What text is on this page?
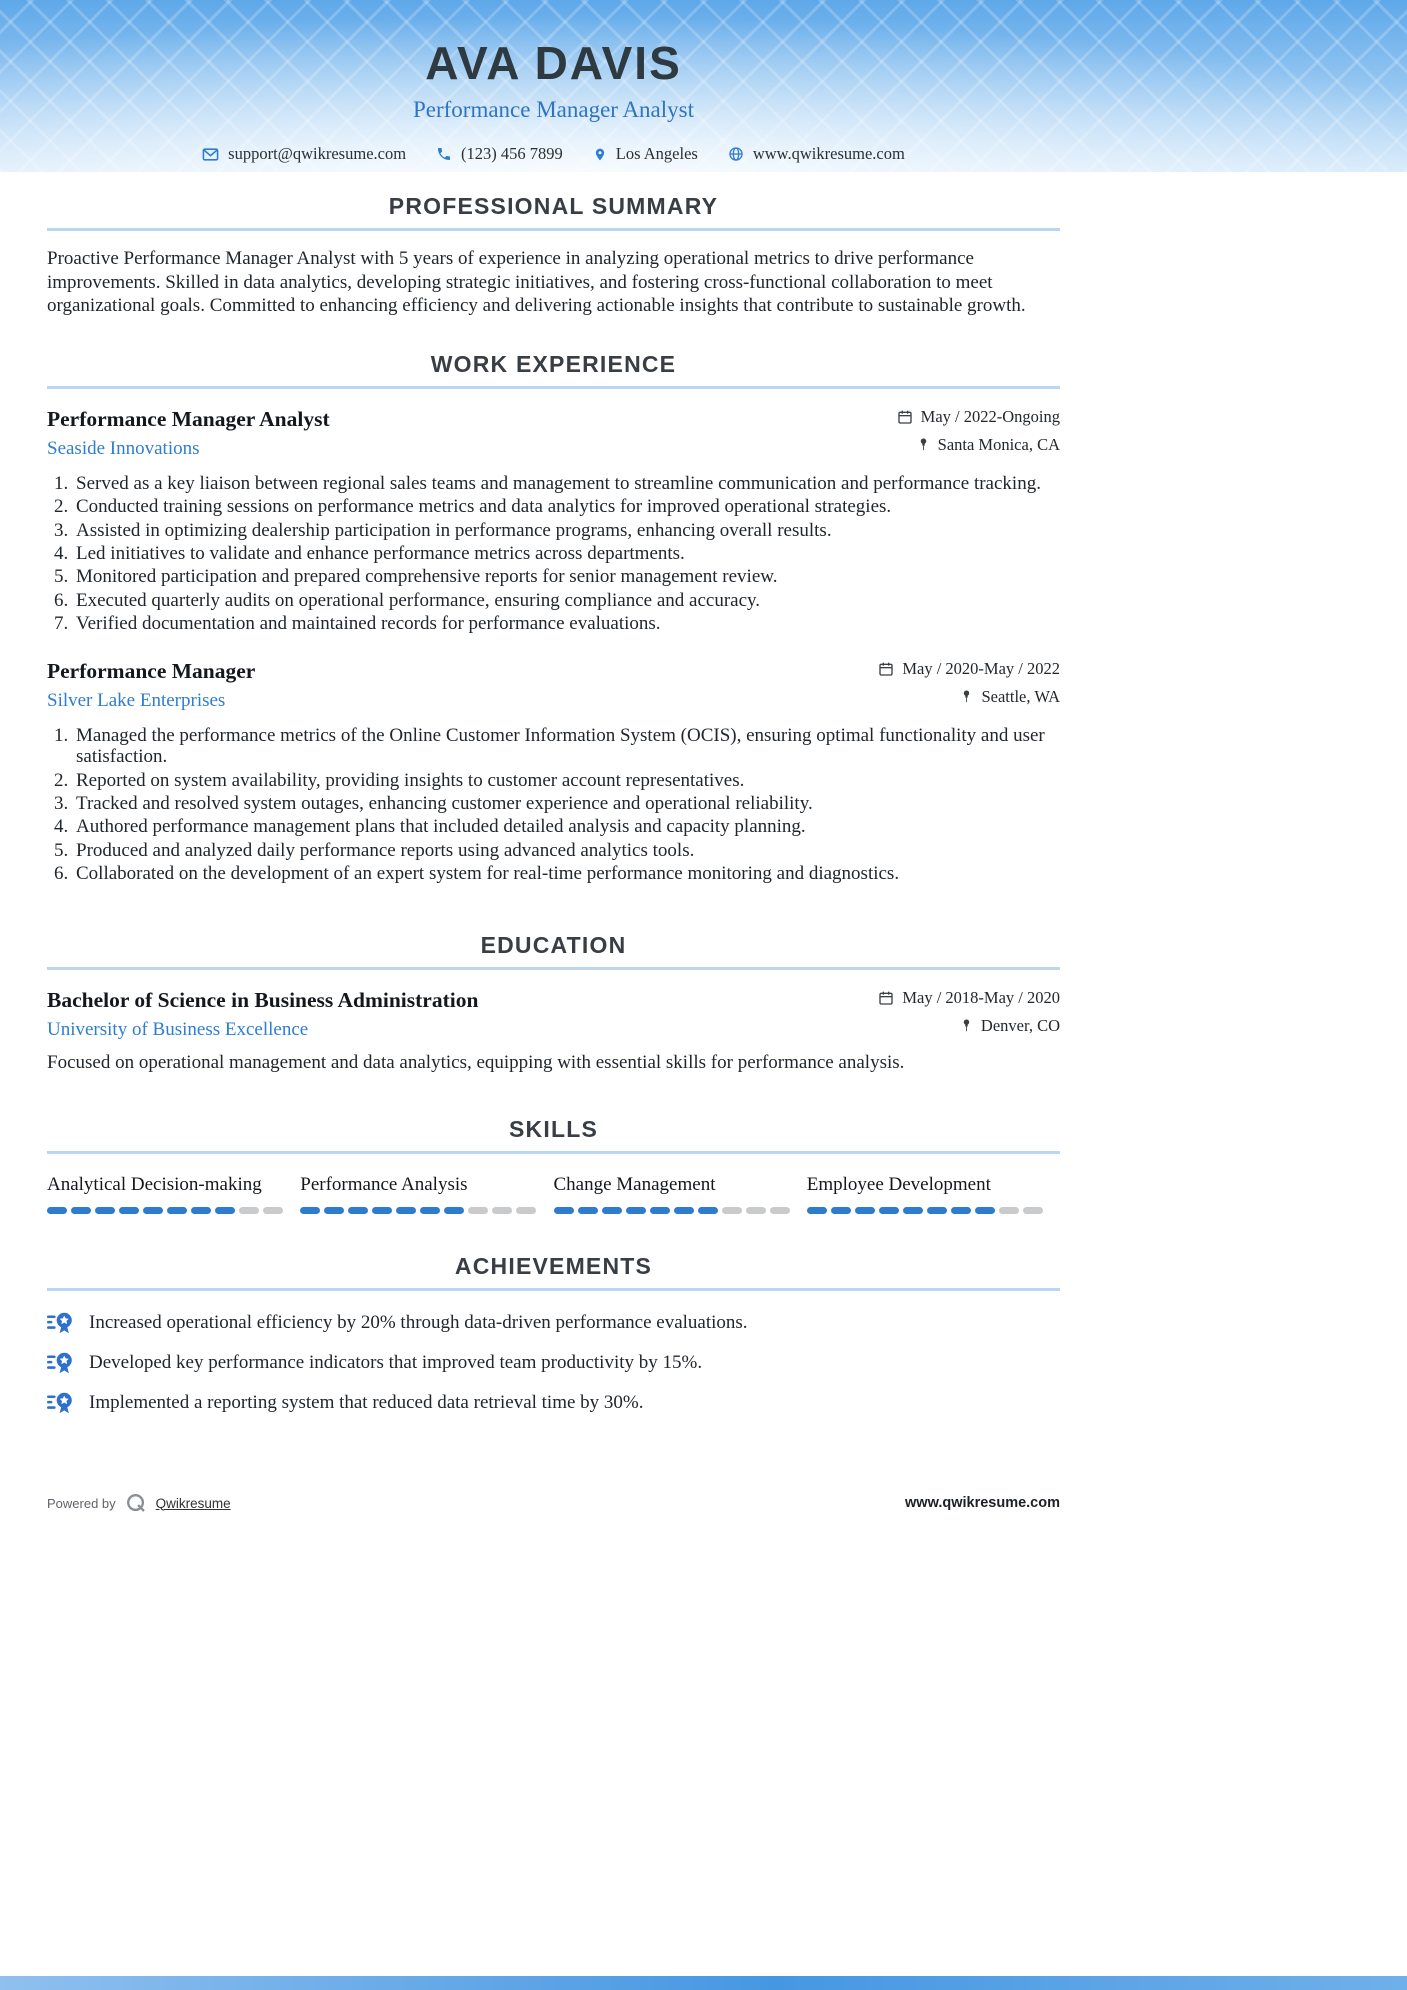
AVA DAVIS
Performance Manager Analyst
support@qwikresume.com	(123) 456 7899	Los Angeles	www.qwikresume.com
PROFESSIONAL SUMMARY

Proactive Performance Manager Analyst with 5 years of experience in analyzing operational metrics to drive performance improvements. Skilled in data analytics, developing strategic initiatives, and fostering cross-functional collaboration to meet organizational goals. Committed to enhancing efficiency and delivering actionable insights that contribute to sustainable growth.

WORK EXPERIENCE
Performance Manager Analyst
Seaside Innovations
May / 2022-Ongoing
Santa Monica, CA
1. Served as a key liaison between regional sales teams and management to streamline communication and performance tracking.
2. Conducted training sessions on performance metrics and data analytics for improved operational strategies.
3. Assisted in optimizing dealership participation in performance programs, enhancing overall results.
4. Led initiatives to validate and enhance performance metrics across departments.
5. Monitored participation and prepared comprehensive reports for senior management review.
6. Executed quarterly audits on operational performance, ensuring compliance and accuracy.
7. Verified documentation and maintained records for performance evaluations.
Performance Manager
Silver Lake Enterprises
May / 2020-May / 2022
Seattle, WA
1. Managed the performance metrics of the Online Customer Information System (OCIS), ensuring optimal functionality and user satisfaction.
2. Reported on system availability, providing insights to customer account representatives.
3. Tracked and resolved system outages, enhancing customer experience and operational reliability.
4. Authored performance management plans that included detailed analysis and capacity planning.
5. Produced and analyzed daily performance reports using advanced analytics tools.
6. Collaborated on the development of an expert system for real-time performance monitoring and diagnostics.
EDUCATION
Bachelor of Science in Business Administration
University of Business Excellence
May / 2018-May / 2020
Denver, CO

Focused on operational management and data analytics, equipping with essential skills for performance analysis.

SKILLS
Analytical Decision-making	Performance Analysis	Change Management	Employee Development
ACHIEVEMENTS
Increased operational efficiency by 20% through data-driven performance evaluations.
Developed key performance indicators that improved team productivity by 15%.
Implemented a reporting system that reduced data retrieval time by 30%.
Powered by	Qwikresume	www.qwikresume.com
